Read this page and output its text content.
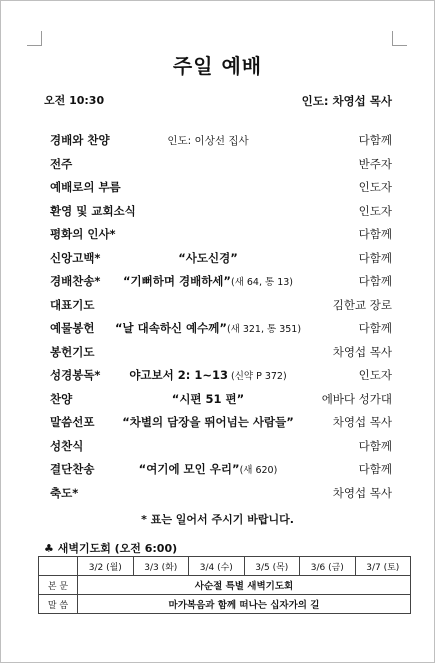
주일 예배
오전 10:30	인도: 차영섭 목사
경배와 찬양	인도: 이상선 집사	다함께
전주	반주자
예배로의 부름	인도자
환영 및 교회소식	인도자
평화의 인사*	다함께
신앙고백*	“사도신경”	다함께
경배찬송*	“기뻐하며 경배하세”(새 64, 통 13)	다함께
대표기도	김한교 장로
예물봉헌	“날 대속하신 예수께”(새 321, 통 351)	다함께
봉헌기도	차영섭 목사
성경봉독*	야고보서 2: 1~13 (신약 P 372)	인도자
찬양	“시편 51 편”	에바다 성가대
말씀선포	“차별의 담장을 뛰어넘는 사람들”	차영섭 목사
성찬식	다함께
결단찬송	“여기에 모인 우리”(새 620)	다함께
축도*	차영섭 목사
* 표는 일어서 주시기 바랍니다.
♣ 새벽기도회 (오전 6:00)
	3/2 (월)	3/3 (화)	3/4 (수)	3/5 (목)	3/6 (금)	3/7 (토)
본 문	사순절 특별 새벽기도회					
말 씀	마가복음과 함께 떠나는 십자가의 길					
